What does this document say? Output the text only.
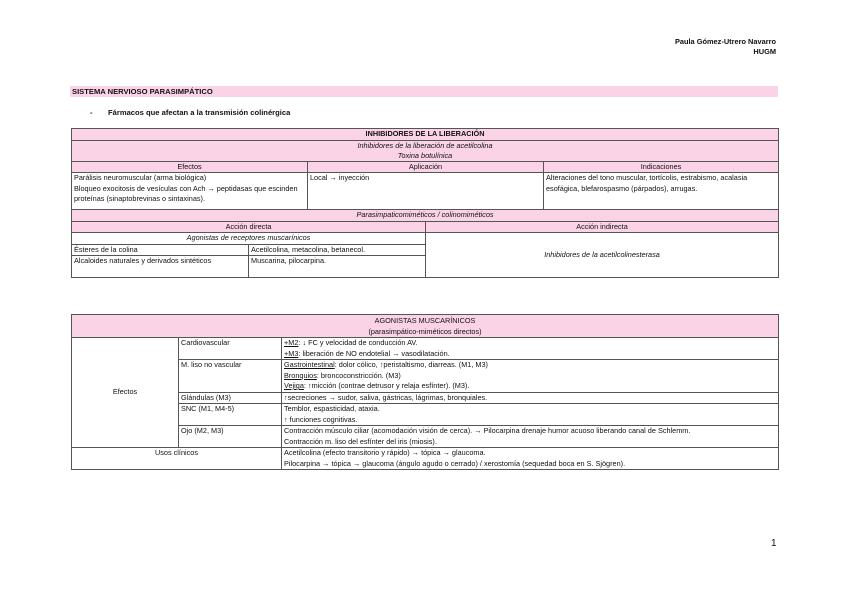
Paula Gómez-Utrero Navarro
HUGM
SISTEMA NERVIOSO PARASIMPÁTICO
- Fármacos que afectan a la transmisión colinérgica
INHIBIDORES DE LA LIBERACIÓN				
Inhibidores de la liberación de acetilcolina				
Toxina botulínica				
Efectos		Aplicación		Indicaciones

Parálisis neuromuscular (arma biológica)
Bloqueo exocitosis de vesículas con Ach → peptidasas que escinden proteínas (sinaptobrevinas o sintaxinas).		Local → inyección		Alteraciones del tono muscular, tortícolis, estrabismo, acalasia esofágica, blefarospasmo (párpados), arrugas.
Parasimpaticomiméticos / colinomiméticos				
Acción directa			Acción indirecta	
Agonistas de receptores muscarínicos			Inhibidores de la acetilcolinesterasa	
Ésteres de la colina	Acetilcolina, metacolina, betanecol.			
Alcaloides naturales y derivados sintéticos	Muscarina, pilocarpina.			
AGONISTAS MUSCARÍNICOS		
(parasimpático-miméticos directos)		
Efectos	Cardiovascular	+M2: ↓ FC y velocidad de conducción AV.
+M3: liberación de NO endotelial → vasodilatación.

	M. liso no vascular	Gastrointestinal: dolor cólico, ↑peristaltismo, diarreas. (M1, M3)
Bronquios: broncoconstricción. (M3)
Vejiga: ↑micción (contrae detrusor y relaja esfínter). (M3).

	Glándulas (M3)	↑secreciones → sudor, saliva, gástricas, lágrimas, bronquiales.
	SNC (M1, M4-5)	Temblor, espasticidad, ataxia.
↑ funciones cognitivas.

	Ojo (M2, M3)	Contracción músculo ciliar (acomodación visión de cerca). → Pilocarpina drenaje humor acuoso liberando canal de Schlemm.
Contracción m. liso del esfínter del iris (miosis).

Usos clínicos		Acetilcolina (efecto transitorio y rápido) → tópica → glaucoma.
Pilocarpina → tópica → glaucoma (ángulo agudo o cerrado) / xerostomía (sequedad boca en S. Sjögren).
1
